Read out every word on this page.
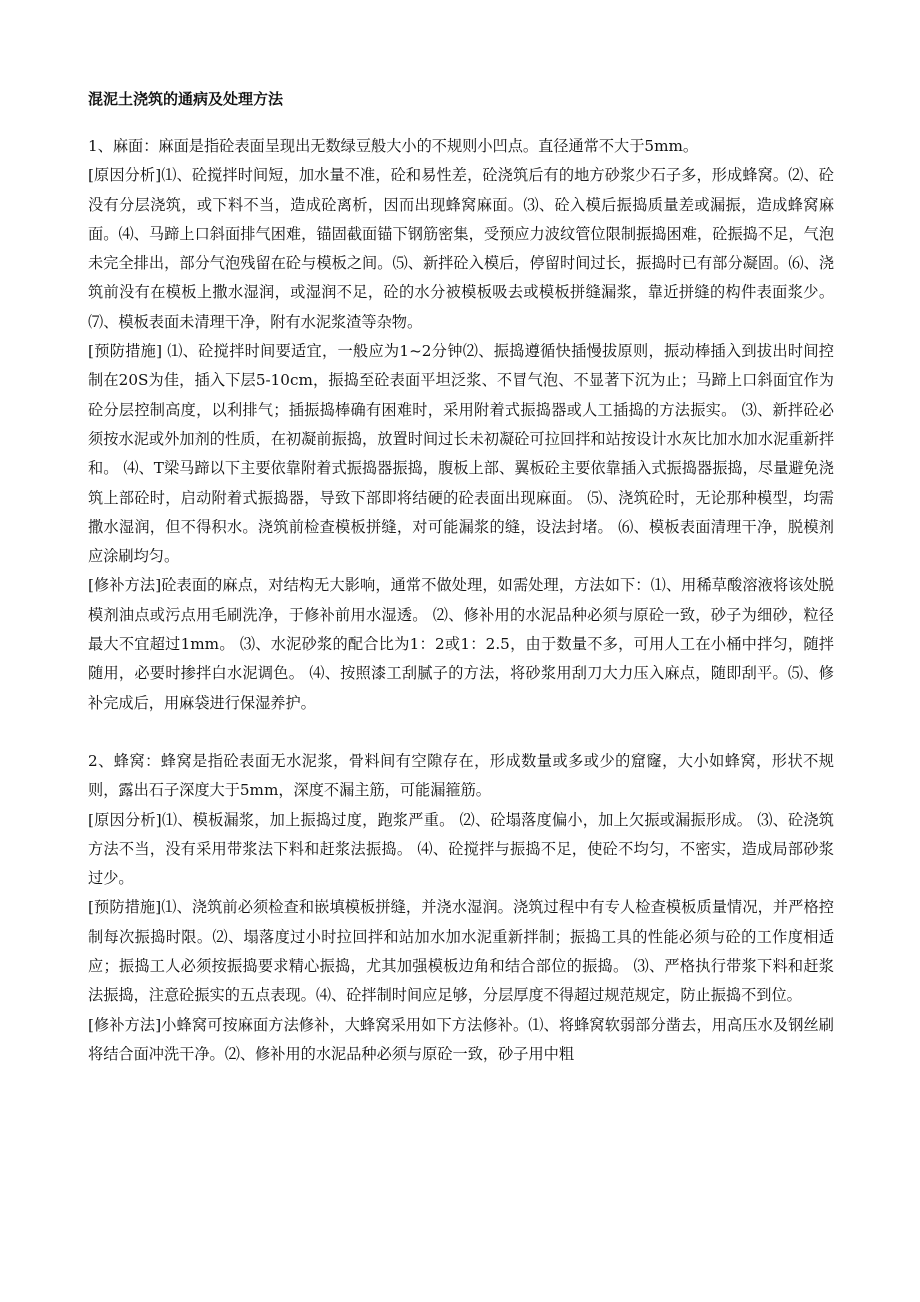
混泥土浇筑的通病及处理方法

1、麻面：麻面是指砼表面呈现出无数绿豆般大小的不规则小凹点。直径通常不大于5mm。

[原因分析]⑴、砼搅拌时间短，加水量不准，砼和易性差，砼浇筑后有的地方砂浆少石子多，形成蜂窝。⑵、砼没有分层浇筑，或下料不当，造成砼离析，因而出现蜂窝麻面。⑶、砼入模后振捣质量差或漏振，造成蜂窝麻面。⑷、马蹄上口斜面排气困难，锚固截面锚下钢筋密集，受预应力波纹管位限制振捣困难，砼振捣不足，气泡未完全排出，部分气泡残留在砼与模板之间。⑸、新拌砼入模后，停留时间过长，振捣时已有部分凝固。⑹、浇筑前没有在模板上撒水湿润，或湿润不足，砼的水分被模板吸去或模板拼缝漏浆，靠近拼缝的构件表面浆少。 ⑺、模板表面未清理干净，附有水泥浆渣等杂物。

[预防措施] ⑴、砼搅拌时间要适宜，一般应为1~2分钟⑵、振捣遵循快插慢拔原则，振动棒插入到拔出时间控制在20S为佳，插入下层5-10cm，振捣至砼表面平坦泛浆、不冒气泡、不显著下沉为止；马蹄上口斜面宜作为砼分层控制高度，以利排气；插振捣棒确有困难时，采用附着式振捣器或人工插捣的方法振实。 ⑶、新拌砼必须按水泥或外加剂的性质，在初凝前振捣，放置时间过长未初凝砼可拉回拌和站按设计水灰比加水加水泥重新拌和。 ⑷、T梁马蹄以下主要依靠附着式振捣器振捣，腹板上部、翼板砼主要依靠插入式振捣器振捣，尽量避免浇筑上部砼时，启动附着式振捣器，导致下部即将结硬的砼表面出现麻面。 ⑸、浇筑砼时，无论那种模型，均需撒水湿润，但不得积水。浇筑前检查模板拼缝，对可能漏浆的缝，设法封堵。 ⑹、模板表面清理干净，脱模剂应涂刷均匀。

[修补方法]砼表面的麻点，对结构无大影响，通常不做处理，如需处理，方法如下：⑴、用稀草酸溶液将该处脱模剂油点或污点用毛刷洗净，于修补前用水湿透。 ⑵、修补用的水泥品种必须与原砼一致，砂子为细砂，粒径最大不宜超过1mm。 ⑶、水泥砂浆的配合比为1：2或1：2.5，由于数量不多，可用人工在小桶中拌匀，随拌随用，必要时掺拌白水泥调色。 ⑷、按照漆工刮腻子的方法，将砂浆用刮刀大力压入麻点，随即刮平。⑸、修补完成后，用麻袋进行保湿养护。

2、蜂窝：蜂窝是指砼表面无水泥浆，骨料间有空隙存在，形成数量或多或少的窟窿，大小如蜂窝，形状不规则，露出石子深度大于5mm，深度不漏主筋，可能漏箍筋。

[原因分析]⑴、模板漏浆，加上振捣过度，跑浆严重。 ⑵、砼塌落度偏小，加上欠振或漏振形成。 ⑶、砼浇筑方法不当，没有采用带浆法下料和赶浆法振捣。 ⑷、砼搅拌与振捣不足，使砼不均匀，不密实，造成局部砂浆过少。

[预防措施]⑴、浇筑前必须检查和嵌填模板拼缝，并浇水湿润。浇筑过程中有专人检查模板质量情况，并严格控制每次振捣时限。⑵、塌落度过小时拉回拌和站加水加水泥重新拌制；振捣工具的性能必须与砼的工作度相适应；振捣工人必须按振捣要求精心振捣，尤其加强模板边角和结合部位的振捣。 ⑶、严格执行带浆下料和赶浆法振捣，注意砼振实的五点表现。⑷、砼拌制时间应足够，分层厚度不得超过规范规定，防止振捣不到位。

[修补方法]小蜂窝可按麻面方法修补，大蜂窝采用如下方法修补。⑴、将蜂窝软弱部分凿去，用高压水及钢丝刷将结合面冲洗干净。⑵、修补用的水泥品种必须与原砼一致，砂子用中粗
